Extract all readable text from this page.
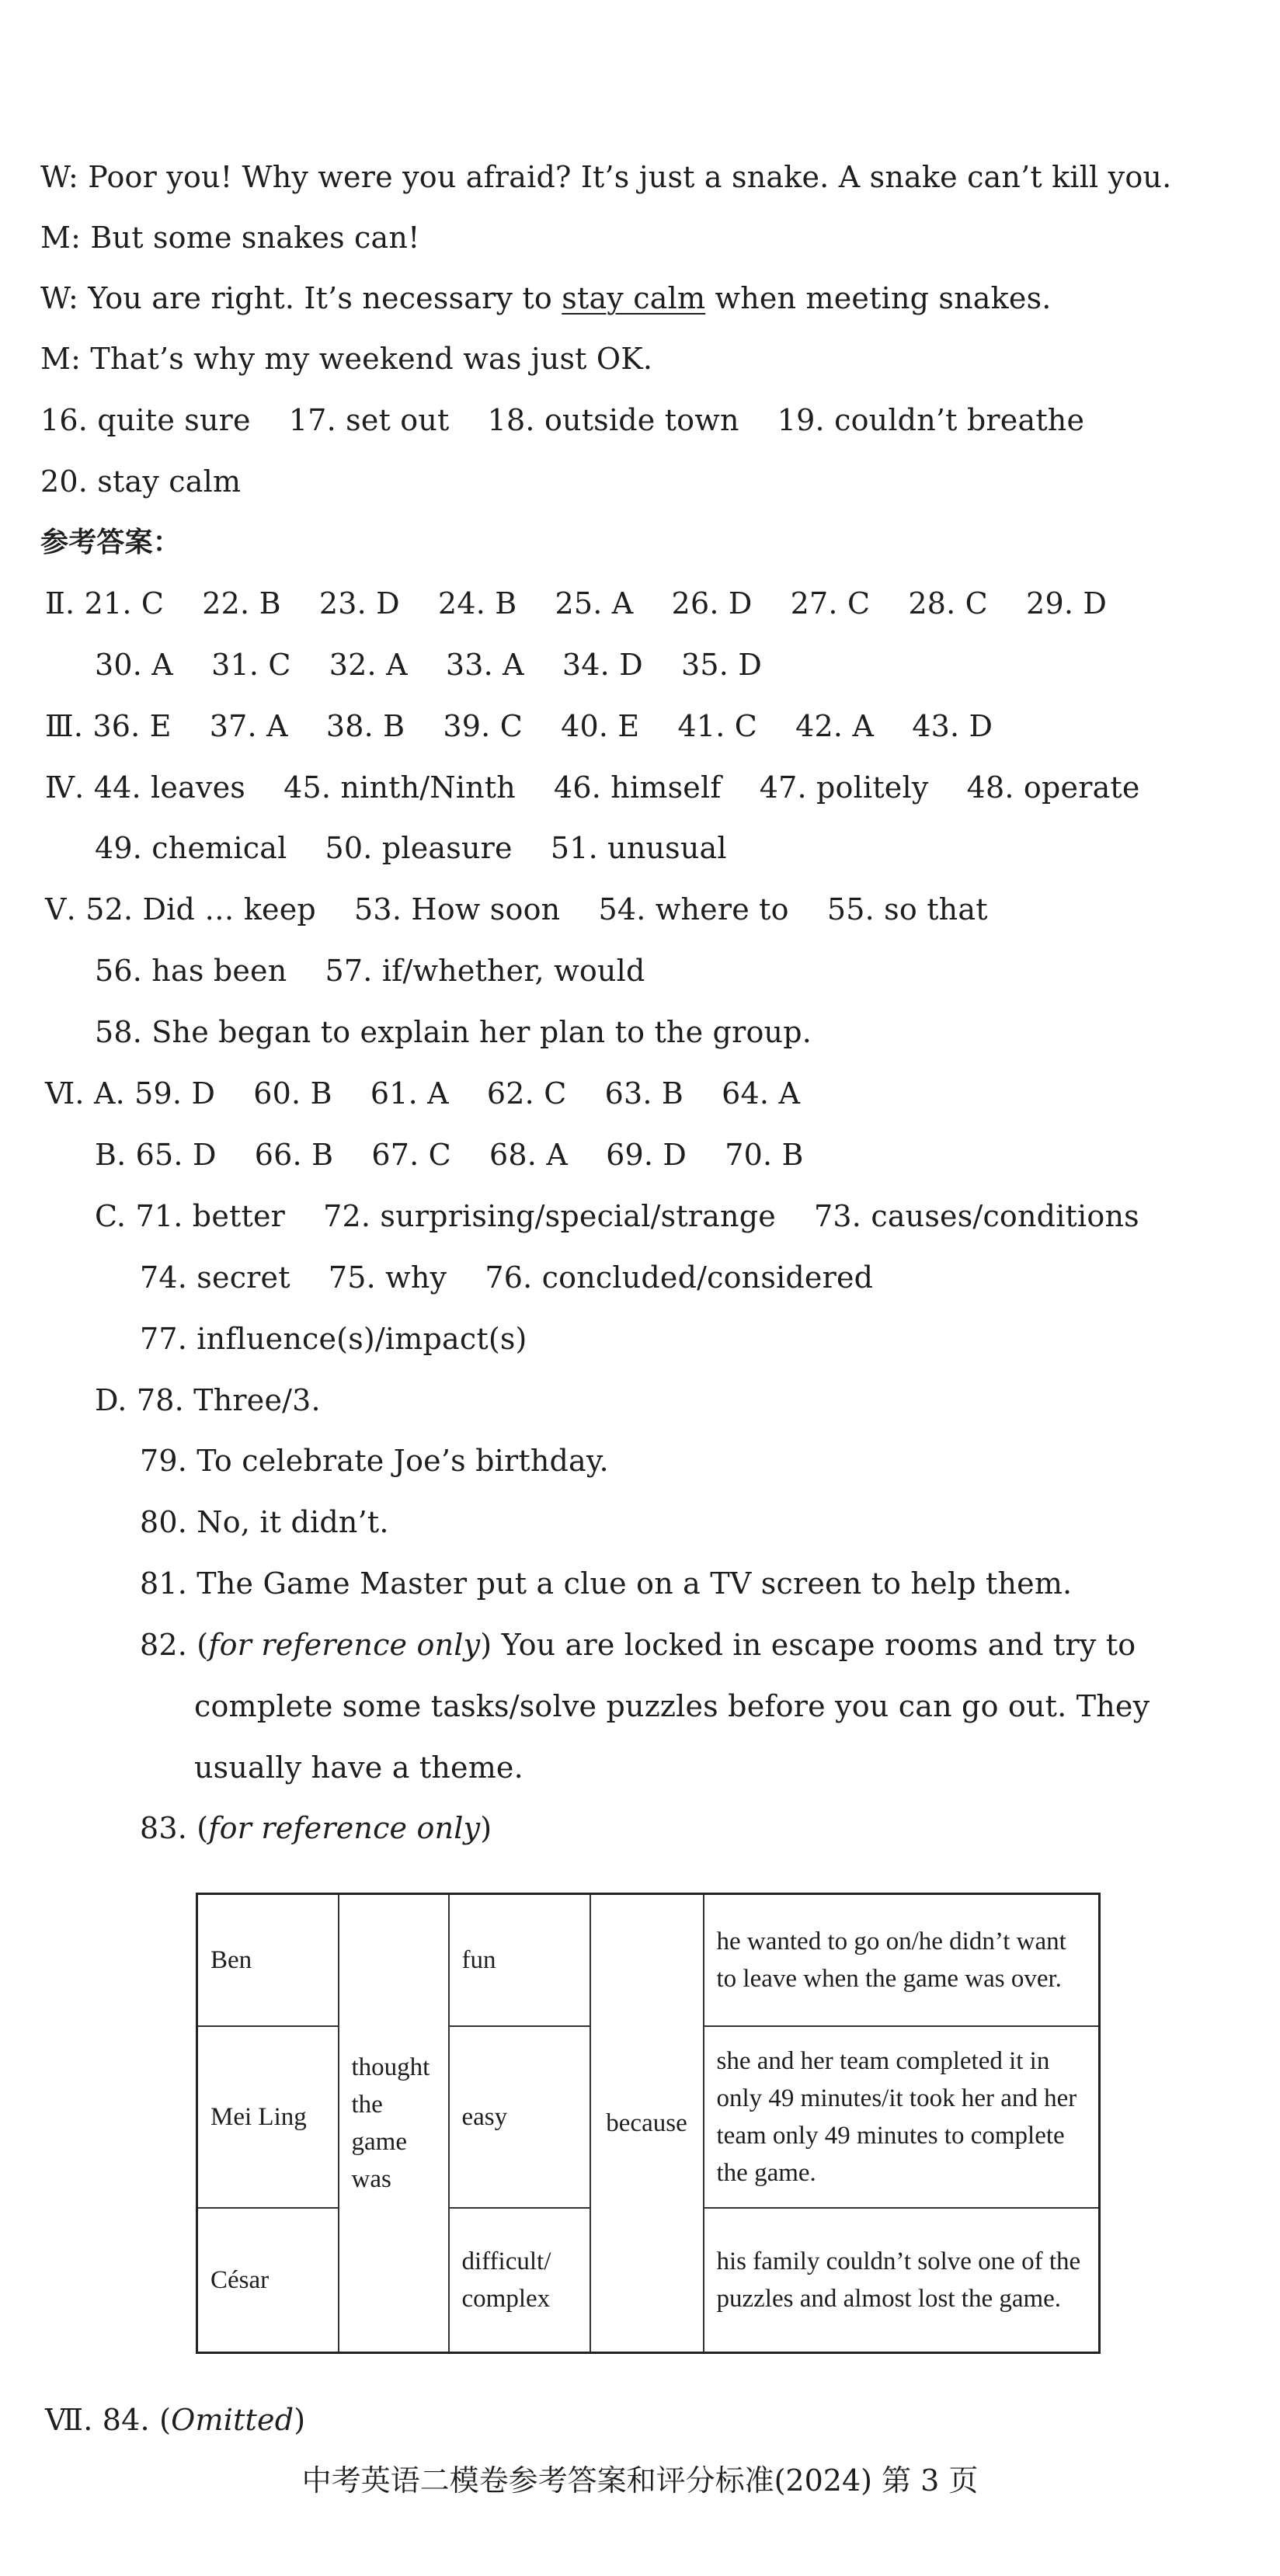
W: Poor you! Why were you afraid? It’s just a snake. A snake can’t kill you.
M: But some snakes can!
W: You are right. It’s necessary to stay calm when meeting snakes.
M: That’s why my weekend was just OK.
16. quite sure    17. set out    18. outside town    19. couldn’t breathe
20. stay calm
参考答案：
Ⅱ. 21. C    22. B    23. D    24. B    25. A    26. D    27. C    28. C    29. D
30. A    31. C    32. A    33. A    34. D    35. D
Ⅲ. 36. E    37. A    38. B    39. C    40. E    41. C    42. A    43. D
Ⅳ. 44. leaves    45. ninth/Ninth    46. himself    47. politely    48. operate
49. chemical    50. pleasure    51. unusual
Ⅴ. 52. Did … keep    53. How soon    54. where to    55. so that
56. has been    57. if/whether, would
58. She began to explain her plan to the group.
Ⅵ. A. 59. D    60. B    61. A    62. C    63. B    64. A
B. 65. D    66. B    67. C    68. A    69. D    70. B
C. 71. better    72. surprising/special/strange    73. causes/conditions
74. secret    75. why    76. concluded/considered
77. influence(s)/impact(s)
D. 78. Three/3.
79. To celebrate Joe’s birthday.
80. No, it didn’t.
81. The Game Master put a clue on a TV screen to help them.
82. (for reference only) You are locked in escape rooms and try to
complete some tasks/solve puzzles before you can go out. They
usually have a theme.
83. (for reference only)
Ben	thought the game was	fun	because	he wanted to go on/he didn’t want to leave when the game was over.
Mei Ling		easy		she and her team completed it in only 49 minutes/it took her and her team only 49 minutes to complete the game.
César		difficult/ complex		his family couldn’t solve one of the puzzles and almost lost the game.
Ⅶ. 84. (Omitted)
中考英语二模卷参考答案和评分标准(2024) 第 3 页
